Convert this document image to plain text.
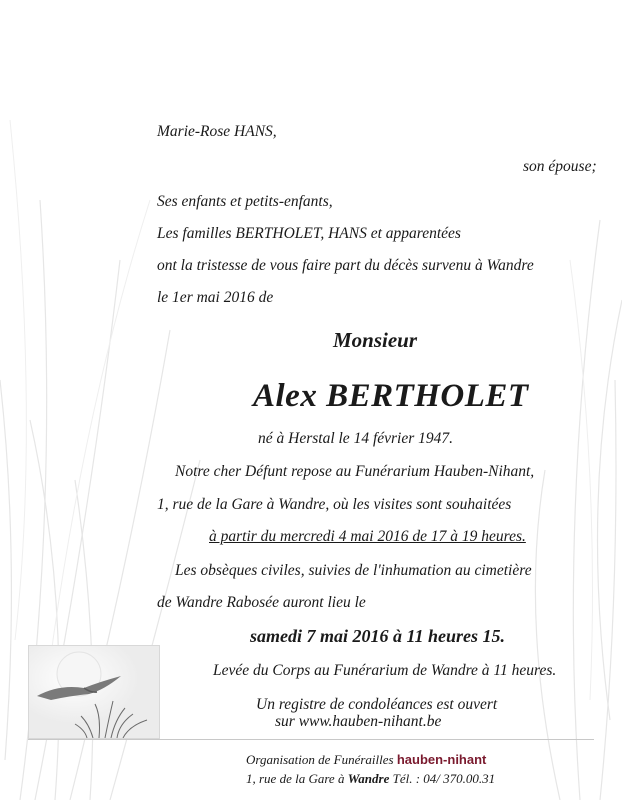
Marie-Rose HANS,
son épouse;
Ses enfants et petits-enfants,
Les familles BERTHOLET, HANS et apparentées
ont la tristesse de vous faire part du décès survenu à Wandre
le 1er mai 2016 de
Monsieur
Alex BERTHOLET
né à Herstal le 14 février 1947.
Notre cher Défunt repose au Funérarium Hauben-Nihant,
1, rue de la Gare à Wandre, où les visites sont souhaitées
à partir du mercredi 4 mai 2016 de 17 à 19 heures.
Les obsèques civiles, suivies de l'inhumation au cimetière
de Wandre Rabosée auront lieu le
samedi 7 mai 2016 à 11 heures 15.
Levée du Corps au Funérarium de Wandre à 11 heures.
Un registre de condoléances est ouvert
sur www.hauben-nihant.be
Organisation de Funérailles hauben-nihant
1, rue de la Gare à Wandre Tél. : 04/ 370.00.31
